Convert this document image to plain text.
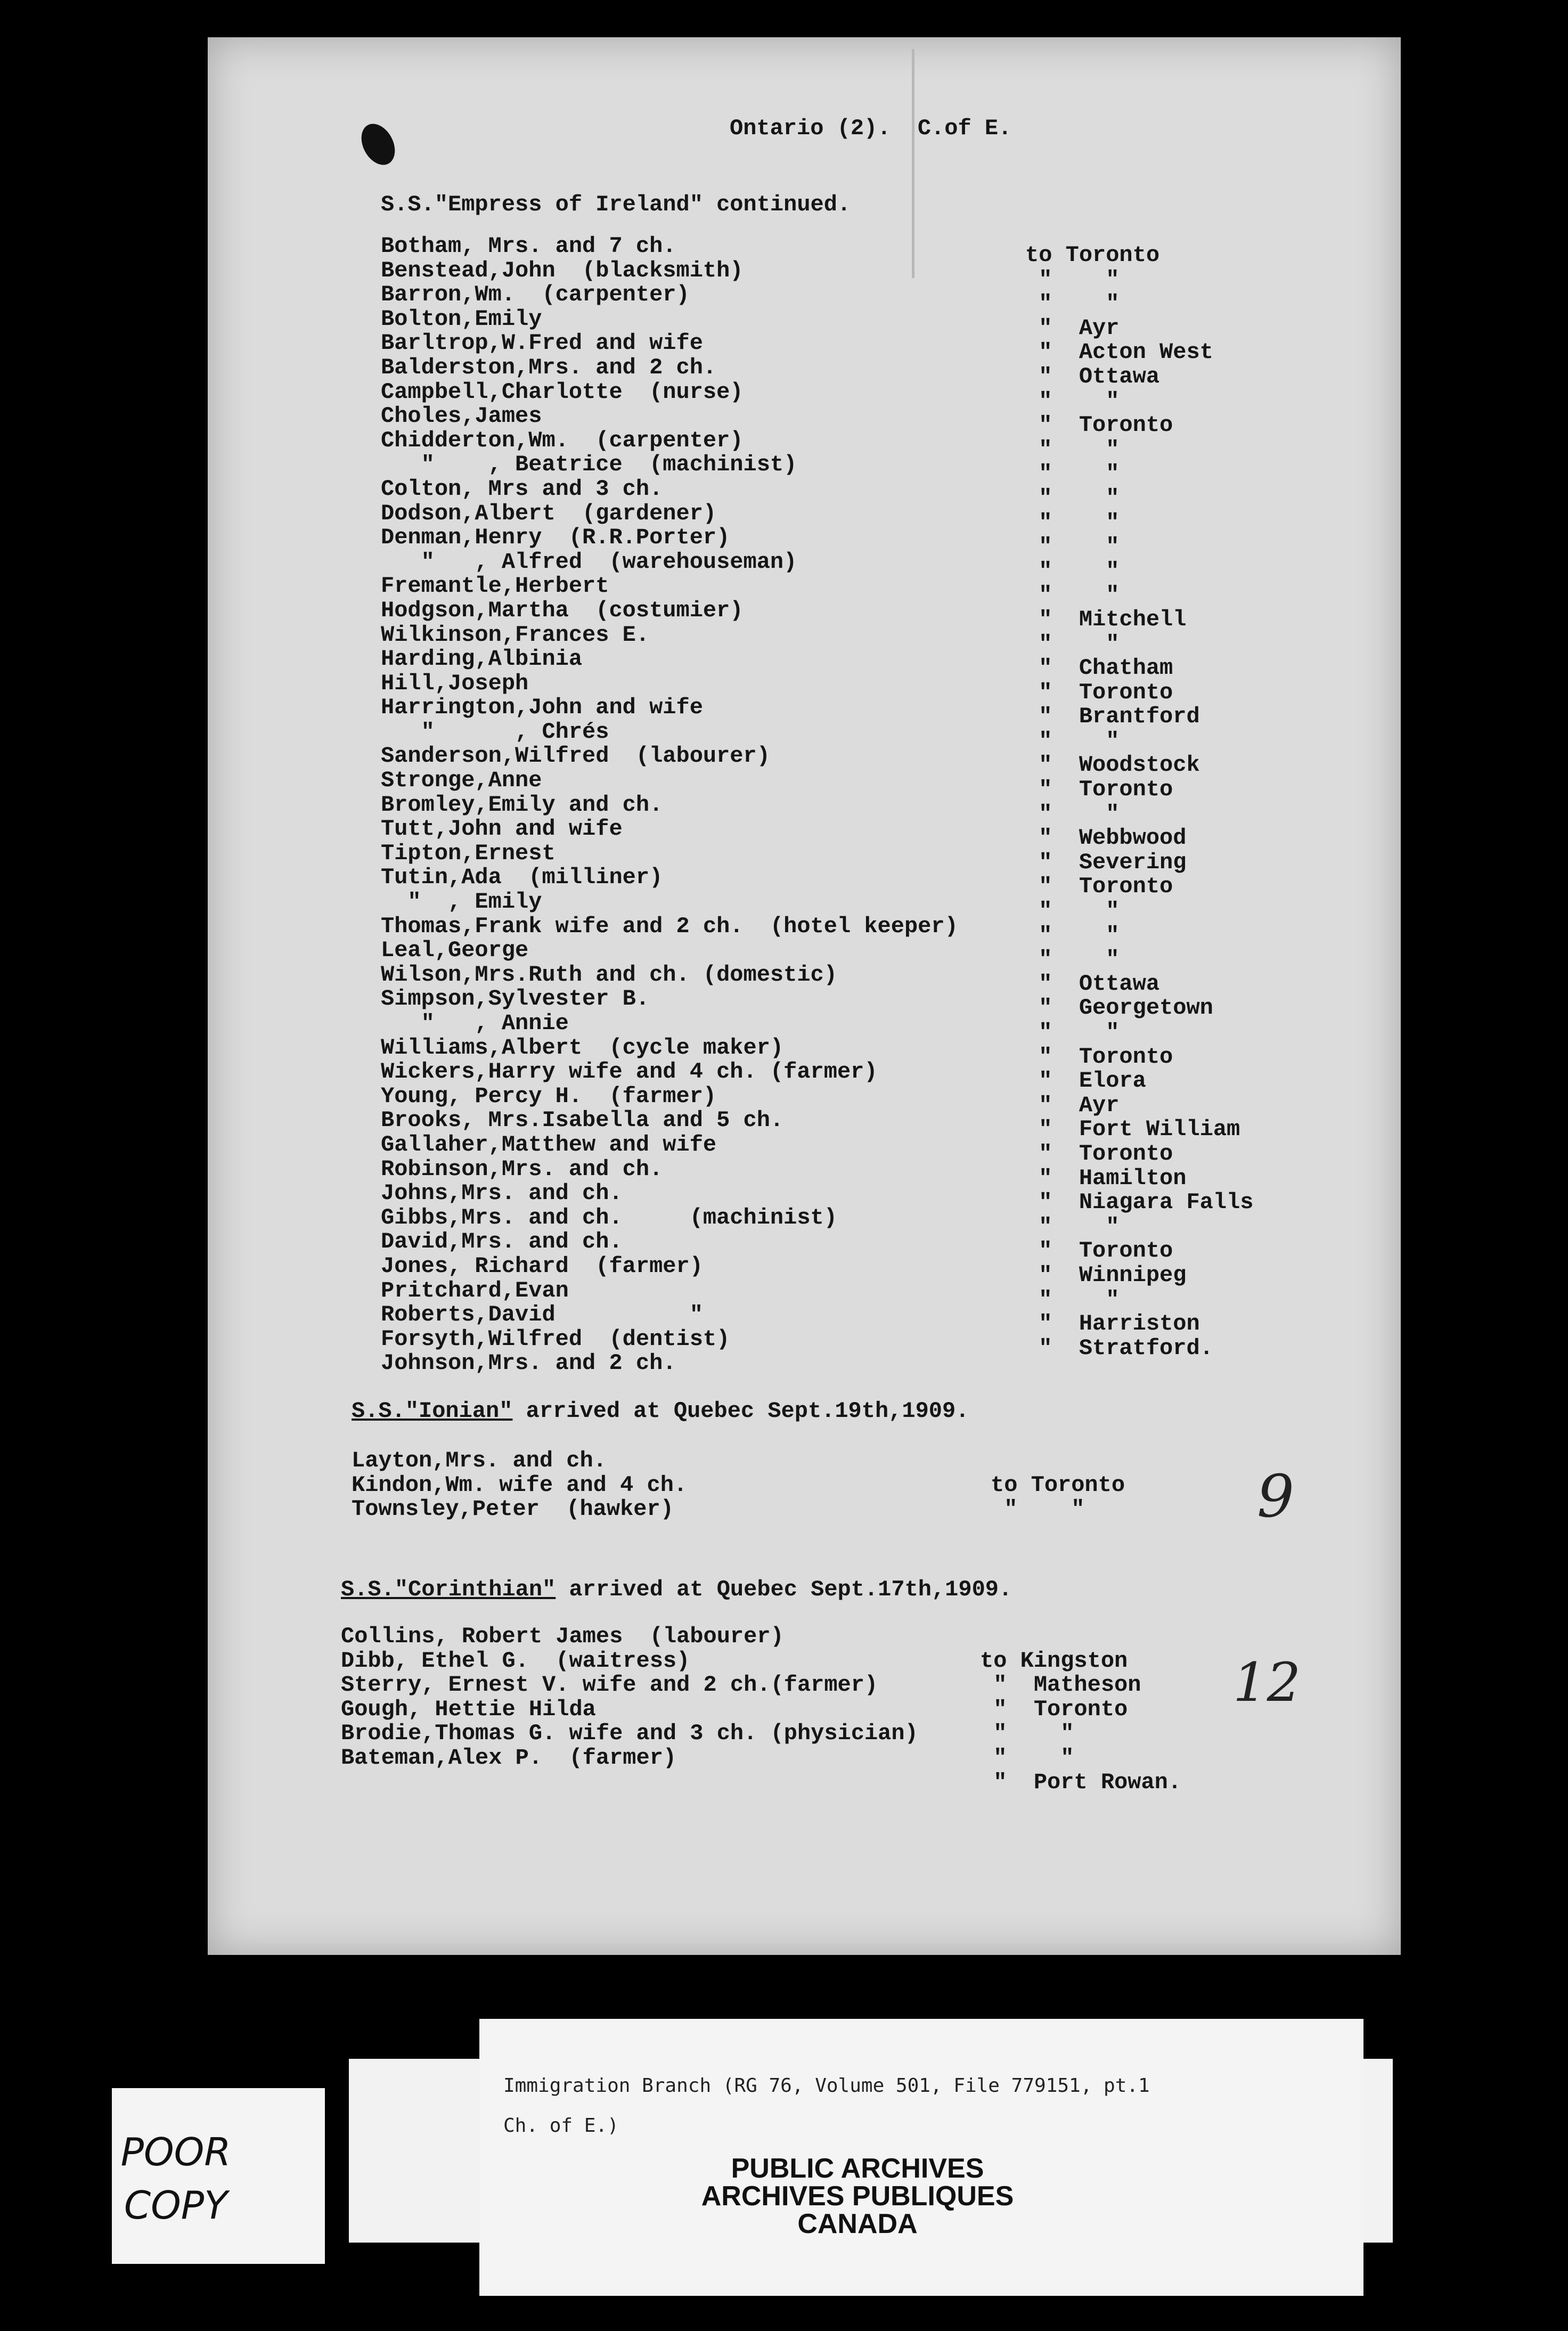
Ontario (2).  C.of E.
S.S."Empress of Ireland" continued.
Botham, Mrs. and 7 ch.
Benstead,John  (blacksmith)
Barron,Wm.  (carpenter)
Bolton,Emily
Barltrop,W.Fred and wife
Balderston,Mrs. and 2 ch.
Campbell,Charlotte  (nurse)
Choles,James
Chidderton,Wm.  (carpenter)
"    , Beatrice  (machinist)
Colton, Mrs and 3 ch.
Dodson,Albert  (gardener)
Denman,Henry  (R.R.Porter)
"   , Alfred  (warehouseman)
Fremantle,Herbert
Hodgson,Martha  (costumier)
Wilkinson,Frances E.
Harding,Albinia
Hill,Joseph
Harrington,John and wife
"      , Chrés
Sanderson,Wilfred  (labourer)
Stronge,Anne
Bromley,Emily and ch.
Tutt,John and wife
Tipton,Ernest
Tutin,Ada  (milliner)
"  , Emily
Thomas,Frank wife and 2 ch.  (hotel keeper)
Leal,George
Wilson,Mrs.Ruth and ch. (domestic)
Simpson,Sylvester B.
"   , Annie
Williams,Albert  (cycle maker)
Wickers,Harry wife and 4 ch. (farmer)
Young, Percy H.  (farmer)
Brooks, Mrs.Isabella and 5 ch.
Gallaher,Matthew and wife
Robinson,Mrs. and ch.
Johns,Mrs. and ch.
Gibbs,Mrs. and ch.     (machinist)
David,Mrs. and ch.
Jones, Richard  (farmer)
Pritchard,Evan
Roberts,David          "
Forsyth,Wilfred  (dentist)
Johnson,Mrs. and 2 ch.
to Toronto
"    "
"    "
"  Ayr
"  Acton West
"  Ottawa
"    "
"  Toronto
"    "
"    "
"    "
"    "
"    "
"    "
"    "
"  Mitchell
"    "
"  Chatham
"  Toronto
"  Brantford
"    "
"  Woodstock
"  Toronto
"    "
"  Webbwood
"  Severing
"  Toronto
"    "
"    "
"    "
"  Ottawa
"  Georgetown
"    "
"  Toronto
"  Elora
"  Ayr
"  Fort William
"  Toronto
"  Hamilton
"  Niagara Falls
"    "
"  Toronto
"  Winnipeg
"    "
"  Harriston
"  Stratford.
S.S."Ionian" arrived at Quebec Sept.19th,1909.
Layton,Mrs. and ch.
Kindon,Wm. wife and 4 ch.
Townsley,Peter  (hawker)
to Toronto
"    "	9
S.S."Corinthian" arrived at Quebec Sept.17th,1909.
Collins, Robert James  (labourer)
Dibb, Ethel G.  (waitress)
Sterry, Ernest V. wife and 2 ch.(farmer)
Gough, Hettie Hilda
Brodie,Thomas G. wife and 3 ch. (physician)
Bateman,Alex P.  (farmer)
to Kingston
"  Matheson
"  Toronto
"    "
"    "
"  Port Rowan.
12
POOR
COPY
Immigration Branch (RG 76, Volume 501, File 779151, pt.1
Ch. of E.)
PUBLIC ARCHIVES
ARCHIVES PUBLIQUES
CANADA
